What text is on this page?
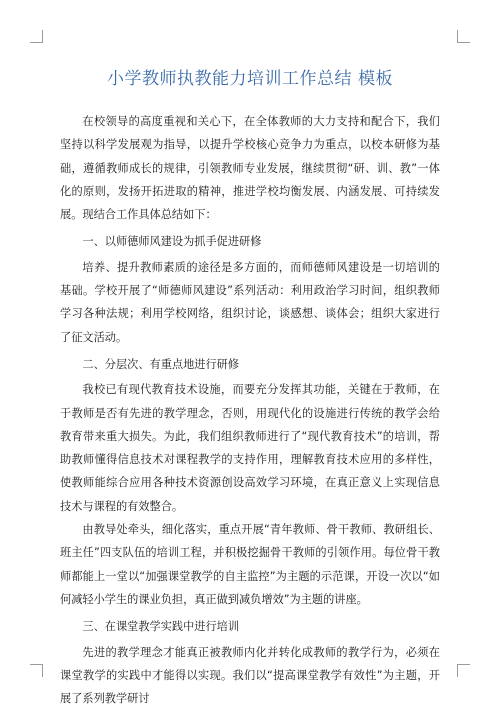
小学教师执教能力培训工作总结 模板

在校领导的高度重视和关心下，在全体教师的大力支持和配合下，我们坚持以科学发展观为指导，以提升学校核心竞争力为重点，以校本研修为基础，遵循教师成长的规律，引领教师专业发展，继续贯彻“研、训、教”一体化的原则，发扬开拓进取的精神，推进学校均衡发展、内涵发展、可持续发展。现结合工作具体总结如下：

一、以师德师风建设为抓手促进研修

培养、提升教师素质的途径是多方面的，而师德师风建设是一切培训的基础。学校开展了“师德师风建设”系列活动：利用政治学习时间，组织教师学习各种法规；利用学校网络，组织讨论，谈感想、谈体会；组织大家进行了征文活动。

二、分层次、有重点地进行研修

我校已有现代教育技术设施，而要充分发挥其功能，关键在于教师，在于教师是否有先进的教学理念，否则，用现代化的设施进行传统的教学会给教育带来重大损失。为此，我们组织教师进行了“现代教育技术”的培训，帮助教师懂得信息技术对课程教学的支持作用，理解教育技术应用的多样性，使教师能综合应用各种技术资源创设高效学习环境，在真正意义上实现信息技术与课程的有效整合。

由教导处牵头，细化落实，重点开展“青年教师、骨干教师、教研组长、班主任”四支队伍的培训工程，并积极挖掘骨干教师的引领作用。每位骨干教师都能上一堂以“加强课堂教学的自主监控”为主题的示范课，开设一次以“如何减轻小学生的课业负担，真正做到减负增效”为主题的讲座。

三、在课堂教学实践中进行培训

先进的教学理念才能真正被教师内化并转化成教师的教学行为，必须在课堂教学的实践中才能得以实现。我们以“提高课堂教学有效性”为主题，开展了系列教学研讨
